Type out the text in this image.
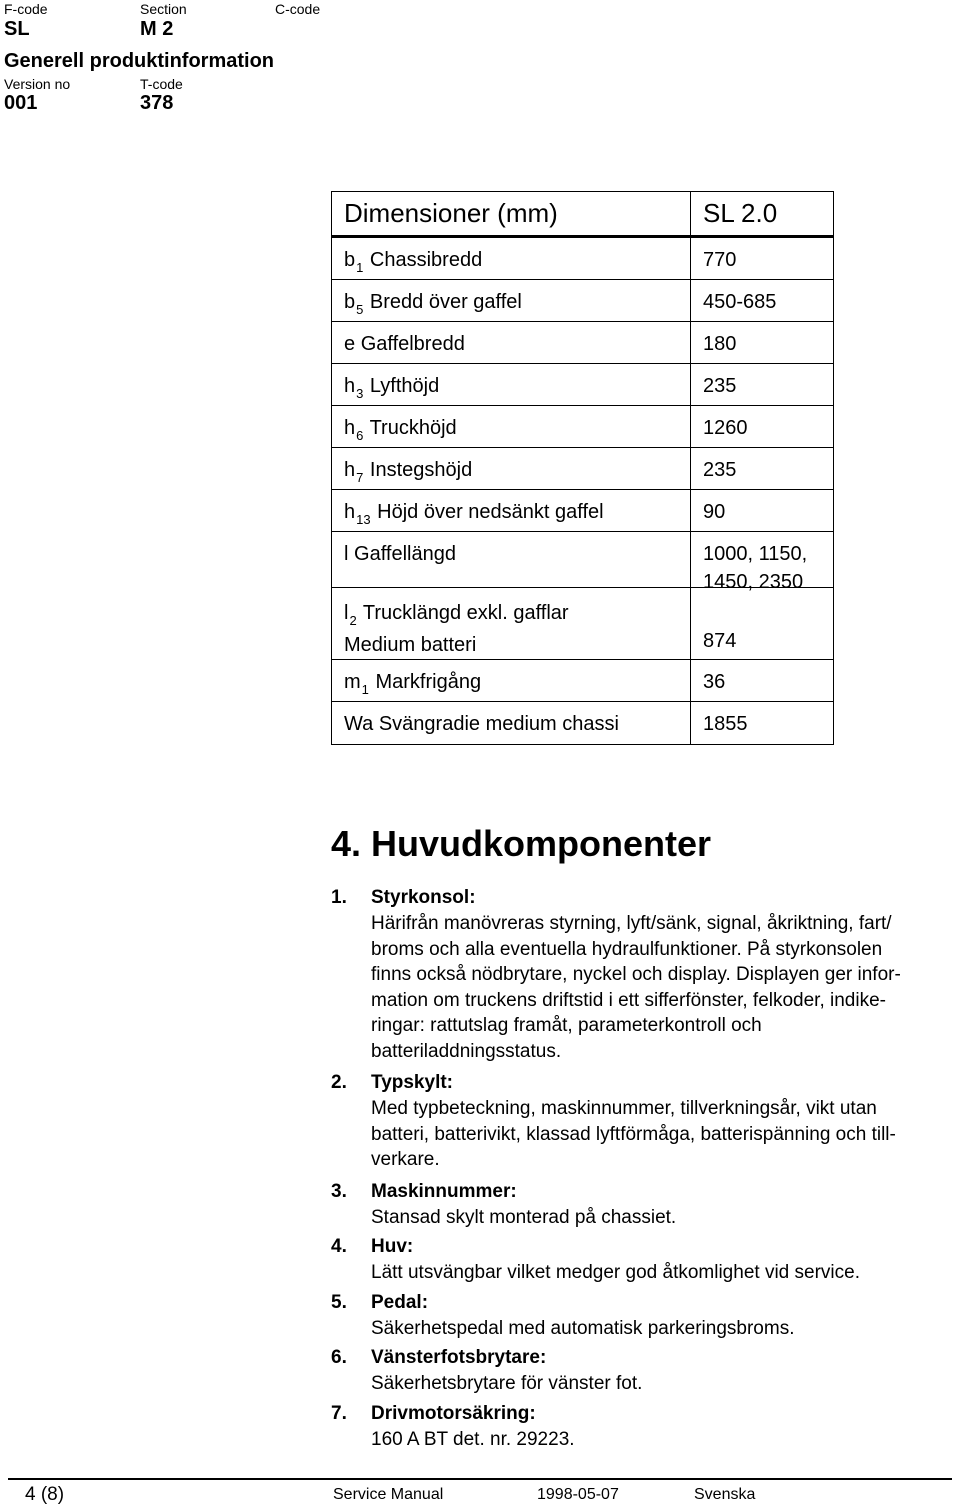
F-code	Section	C-code
SL	M 2
Generell produktinformation
Version no	T-code
001	378
Dimensioner (mm)	SL 2.0
$b_1$ Chassibredd	770
$b_5$ Bredd över gaffel	450-685
e Gaffelbredd	180
$h_3$ Lyfthöjd	235
$h_6$ Truckhöjd	1260
$h_7$ Instegshöjd	235
$h_{13}$ Höjd över nedsänkt gaffel	90
l Gaffellängd	1000, 1150,
1450, 2350
$l_2$ Trucklängd exkl. gafflar
Medium batteri	874
$m_1$ Markfrigång	36
Wa Svängradie medium chassi	1855
4. Huvudkomponenter
1.	Styrkonsol:
Härifrån manövreras styrning, lyft/sänk, signal, åkriktning, fart/
broms och alla eventuella hydraulfunktioner. På styrkonsolen
finns också nödbrytare, nyckel och display. Displayen ger infor-
mation om truckens driftstid i ett sifferfönster, felkoder, indike-
ringar: rattutslag framåt, parameterkontroll och
batteriladdningsstatus.
2.	Typskylt:
Med typbeteckning, maskinnummer, tillverkningsår, vikt utan
batteri, batterivikt, klassad lyftförmåga, batterispänning och till-
verkare.
3.	Maskinnummer:
Stansad skylt monterad på chassiet.
4.	Huv:
Lätt utsvängbar vilket medger god åtkomlighet vid service.
5.	Pedal:
Säkerhetspedal med automatisk parkeringsbroms.
6.	Vänsterfotsbrytare:
Säkerhetsbrytare för vänster fot.
7.	Drivmotorsäkring:
160 A BT det. nr. 29223.
4 (8)	Service Manual	1998-05-07	Svenska
